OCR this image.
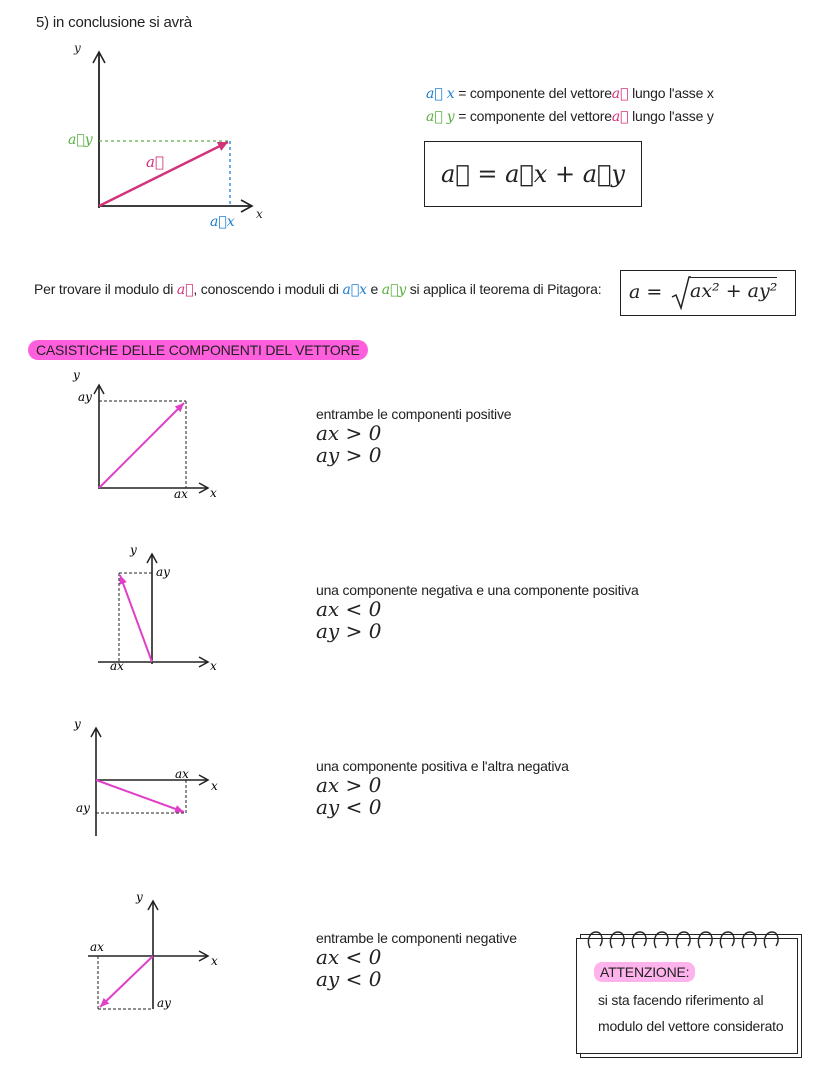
5) in conclusione si avrà
y
x
a⃗y
a⃗x
a⃗
a⃗ x = componente del vettorea⃗ lungo l'asse x
a⃗ y = componente del vettorea⃗ lungo l'asse y
a⃗ = a⃗x + a⃗y
Per trovare il modulo di a⃗, conoscendo i moduli di a⃗x e a⃗y si applica il teorema di Pitagora: a = ax² + ay²
CASISTICHE DELLE COMPONENTI DEL VETTORE
y
x
ay
ax
entrambe le componenti positive
ax > 0
ay > 0
y
x
ay
ax
una componente negativa e una componente positiva
ax < 0
ay > 0
y
x
ay
ax	una componente positiva e l'altra negativa
ax > 0
ay < 0
y
x
ay
ax
entrambe le componenti negative
ax < 0
ay < 0	ATTENZIONE:
si sta facendo riferimento al
modulo del vettore considerato
